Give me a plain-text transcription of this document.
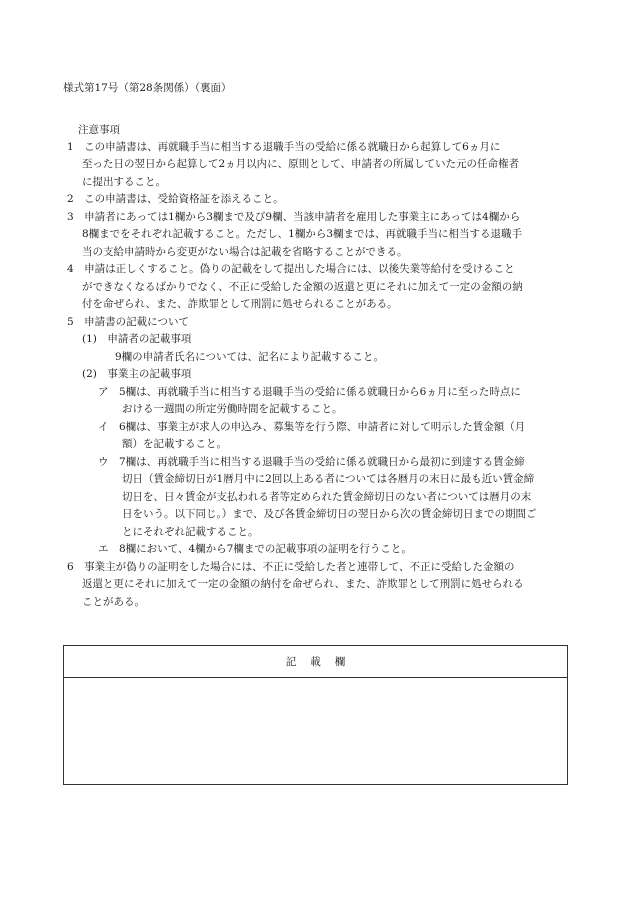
様式第17号（第28条関係）（裏面）
注意事項
1　この申請書は、再就職手当に相当する退職手当の受給に係る就職日から起算して6ヵ月に
至った日の翌日から起算して2ヵ月以内に、原則として、申請者の所属していた元の任命権者
に提出すること。
2　この申請書は、受給資格証を添えること。
3　申請者にあっては1欄から3欄まで及び9欄、当該申請者を雇用した事業主にあっては4欄から
8欄までをそれぞれ記載すること。ただし、1欄から3欄までは、再就職手当に相当する退職手
当の支給申請時から変更がない場合は記載を省略することができる。
4　申請は正しくすること。偽りの記載をして提出した場合には、以後失業等給付を受けること
ができなくなるばかりでなく、不正に受給した金額の返還と更にそれに加えて一定の金額の納
付を命ぜられ、また、詐欺罪として刑罰に処せられることがある。
5　申請書の記載について
(1)　申請者の記載事項
9欄の申請者氏名については、記名により記載すること。
(2)　事業主の記載事項
ア　5欄は、再就職手当に相当する退職手当の受給に係る就職日から6ヵ月に至った時点に
おける一週間の所定労働時間を記載すること。
イ　6欄は、事業主が求人の申込み、募集等を行う際、申請者に対して明示した賃金額（月
額）を記載すること。
ウ　7欄は、再就職手当に相当する退職手当の受給に係る就職日から最初に到達する賃金締
切日（賃金締切日が1暦月中に2回以上ある者については各暦月の末日に最も近い賃金締
切日を、日々賃金が支払われる者等定められた賃金締切日のない者については暦月の末
日をいう。以下同じ。）まで、及び各賃金締切日の翌日から次の賃金締切日までの期間ご
とにそれぞれ記載すること。
エ　8欄において、4欄から7欄までの記載事項の証明を行うこと。
6　事業主が偽りの証明をした場合には、不正に受給した者と連帯して、不正に受給した金額の
返還と更にそれに加えて一定の金額の納付を命ぜられ、また、詐欺罪として刑罰に処せられる
ことがある。
記載欄
